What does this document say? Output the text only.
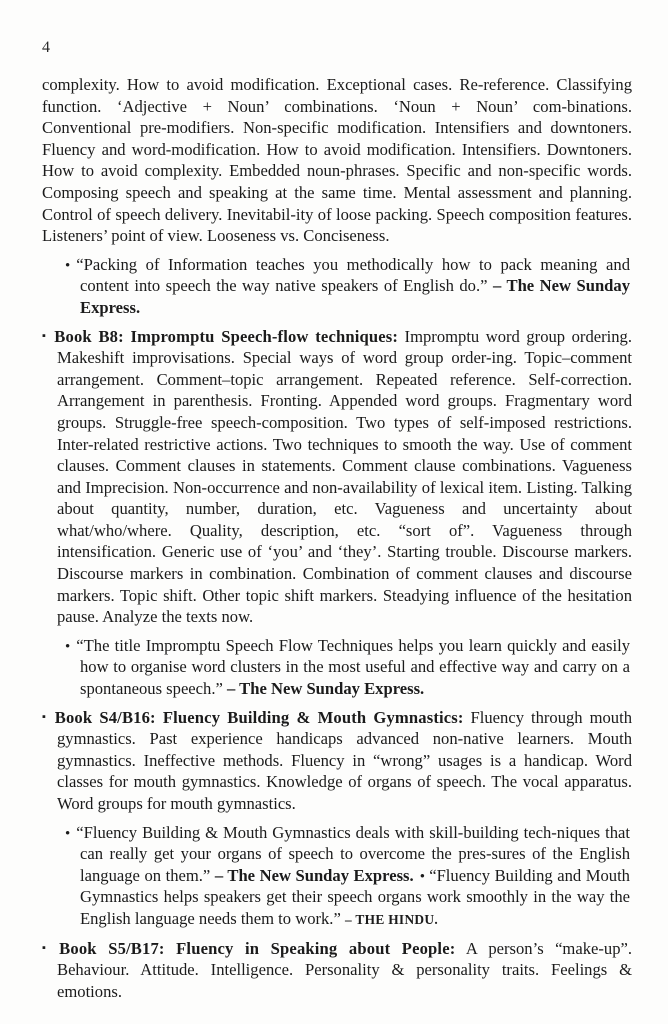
4

complexity. How to avoid modification. Exceptional cases. Re-reference. Classifying function. ‘Adjective + Noun’ combinations. ‘Noun + Noun’ com-binations. Conventional pre-modifiers. Non-specific modification. Intensifiers and downtoners. Fluency and word-modification. How to avoid modification. Intensifiers. Downtoners. How to avoid complexity. Embedded noun-phrases. Specific and non-specific words. Composing speech and speaking at the same time. Mental assessment and planning. Control of speech delivery. Inevitabil-ity of loose packing. Speech composition features. Listeners’ point of view. Looseness vs. Conciseness.

• “Packing of Information teaches you methodically how to pack meaning and content into speech the way native speakers of English do.” – The New Sunday Express.

▪ Book B8: Impromptu Speech-flow techniques: Impromptu word group ordering. Makeshift improvisations. Special ways of word group order-ing. Topic–comment arrangement. Comment–topic arrangement. Repeated reference. Self-correction. Arrangement in parenthesis. Fronting. Appended word groups. Fragmentary word groups. Struggle-free speech-composition. Two types of self-imposed restrictions. Inter-related restrictive actions. Two techniques to smooth the way. Use of comment clauses. Comment clauses in statements. Comment clause combinations. Vagueness and Imprecision. Non-occurrence and non-availability of lexical item. Listing. Talking about quantity, number, duration, etc. Vagueness and uncertainty about what/who/where. Quality, description, etc. “sort of”. Vagueness through intensification. Generic use of ‘you’ and ‘they’. Starting trouble. Discourse markers. Discourse markers in combination. Combination of comment clauses and discourse markers. Topic shift. Other topic shift markers. Steadying influence of the hesitation pause. Analyze the texts now.

• “The title Impromptu Speech Flow Techniques helps you learn quickly and easily how to organise word clusters in the most useful and effective way and carry on a spontaneous speech.” – The New Sunday Express.

▪ Book S4/B16: Fluency Building & Mouth Gymnastics: Fluency through mouth gymnastics. Past experience handicaps advanced non-native learners. Mouth gymnastics. Ineffective methods. Fluency in “wrong” usages is a handicap. Word classes for mouth gymnastics. Knowledge of organs of speech. The vocal apparatus. Word groups for mouth gymnastics.

• “Fluency Building & Mouth Gymnastics deals with skill-building tech-niques that can really get your organs of speech to overcome the pres-sures of the English language on them.” – The New Sunday Express. • “Fluency Building and Mouth Gymnastics helps speakers get their speech organs work smoothly in the way the English language needs them to work.” – THE HINDU.

▪ Book S5/B17: Fluency in Speaking about People: A person’s “make-up”. Behaviour. Attitude. Intelligence. Personality & personality traits. Feelings & emotions.
